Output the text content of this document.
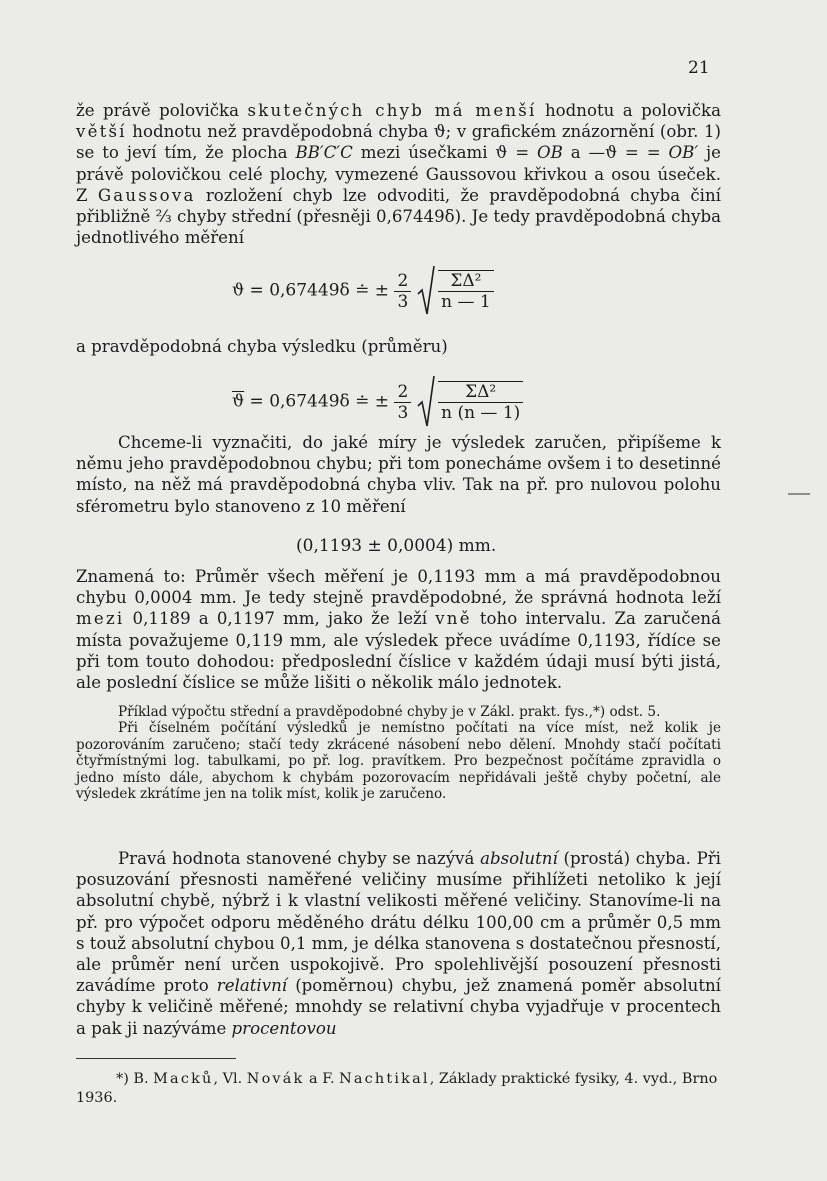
21

že právě polovička skutečných chyb má menší hodnotu a polovička větší hodnotu než pravděpodobná chyba ϑ; v grafickém znázornění (obr. 1) se to jeví tím, že plocha BB′C′C mezi úsečkami ϑ = OB a —ϑ = = OB′ je právě polovičkou celé plochy, vymezené Gaussovou křivkou a osou úseček. Z Gaussova rozložení chyb lze odvoditi, že pravděpodobná chyba činí přibližně ⅔ chyby střední (přesněji 0,67449δ). Je tedy pravděpodobná chyba jednotlivého měření

ϑ = 0,67449δ ≐ ± $\frac{2}{3}$
$\frac{\text{ΣΔ²}}{n — 1}$

a pravděpodobná chyba výsledku (průměru)

$\overline{ϑ} = 0,67449\delta$ ≐ ± $\frac{2}{3}$
$\frac{\text{ΣΔ²}}{n (n — 1)}$

Chceme-li vyznačiti, do jaké míry je výsledek zaručen, připíšeme k němu jeho pravděpodobnou chybu; při tom ponecháme ovšem i to desetinné místo, na něž má pravděpodobná chyba vliv. Tak na př. pro nulovou polohu sférometru bylo stanoveno z 10 měření

(0,1193 ± 0,0004) mm.

Znamená to: Průměr všech měření je 0,1193 mm a má pravděpodobnou chybu 0,0004 mm. Je tedy stejně pravděpodobné, že správná hodnota leží mezi 0,1189 a 0,1197 mm, jako že leží vně toho intervalu. Za zaručená místa považujeme 0,119 mm, ale výsledek přece uvádíme 0,1193, řídíce se při tom touto dohodou: předposlední číslice v každém údaji musí býti jistá, ale poslední číslice se může lišiti o několik málo jednotek.

Příklad výpočtu střední a pravděpodobné chyby je v Zákl. prakt. fys.,*) odst. 5.

Při číselném počítání výsledků je nemístno počítati na více míst, než kolik je pozorováním zaručeno; stačí tedy zkrácené násobení nebo dělení. Mnohdy stačí počítati čtyřmístnými log. tabulkami, po př. log. pravítkem. Pro bezpečnost počítáme zpravidla o jedno místo dále, abychom k chybám pozorovacím nepřidávali ještě chyby početní, ale výsledek zkrátíme jen na tolik míst, kolik je zaručeno.

Pravá hodnota stanovené chyby se nazývá absolutní (prostá) chyba. Při posuzování přesnosti naměřené veličiny musíme přihlížeti netoliko k její absolutní chybě, nýbrž i k vlastní velikosti měřené veličiny. Stanovíme-li na př. pro výpočet odporu měděného drátu délku 100,00 cm a průměr 0,5 mm s touž absolutní chybou 0,1 mm, je délka stanovena s dostatečnou přesností, ale průměr není určen uspokojivě. Pro spolehlivější posouzení přesnosti zavádíme proto relativní (poměrnou) chybu, jež znamená poměr absolutní chyby k veličině měřené; mnohdy se relativní chyba vyjadřuje v procentech a pak ji nazýváme procentovou

*) B. Macků, Vl. Novák a F. Nachtikal, Základy praktické fysiky, 4. vyd., Brno 1936.
